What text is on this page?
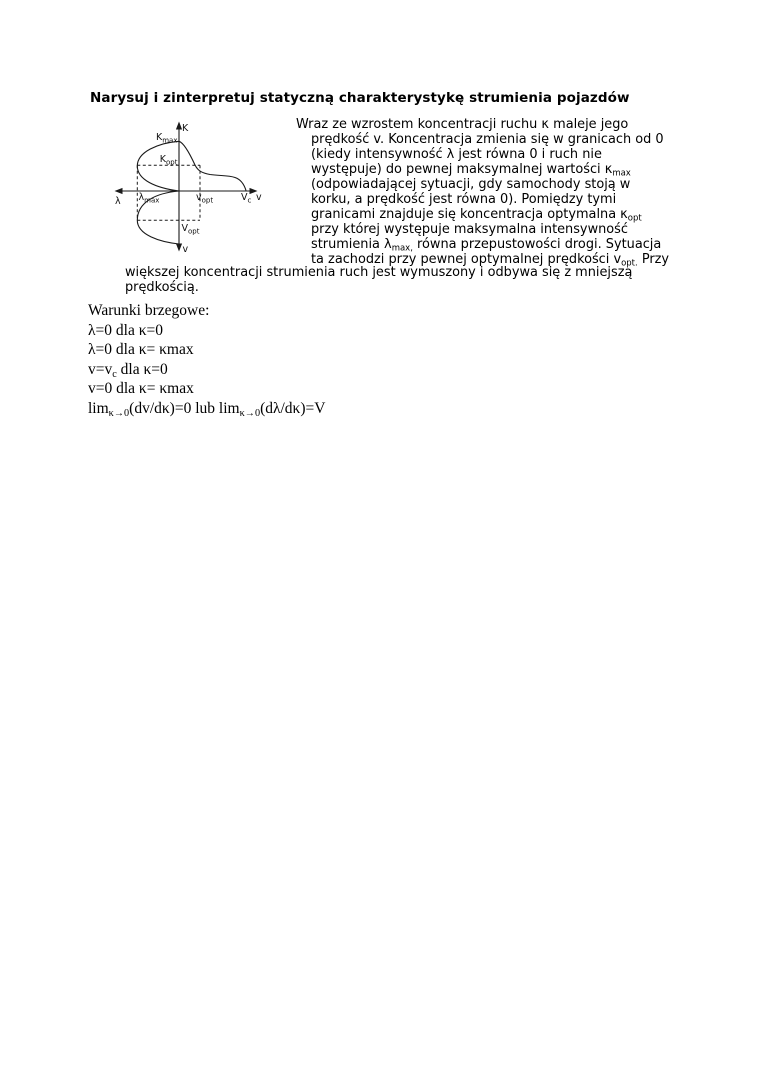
Narysuj i zinterpretuj statyczną charakterystykę strumienia pojazdów
K
$K_{max}$
$K_{opt}$
λ $\lambda_{max}$	$v_{opt}$	$V_c$ v
$V_{opt}$
v
Wraz ze wzrostem koncentracji ruchu κ maleje jego
prędkość v. Koncentracja zmienia się w granicach od 0
(kiedy intensywność λ jest równa 0 i ruch nie
występuje) do pewnej maksymalnej wartości $\kappa_{max}$
(odpowiadającej sytuacji, gdy samochody stoją w
korku, a prędkość jest równa 0). Pomiędzy tymi
granicami znajduje się koncentracja optymalna $\kappa_{opt}$
przy której występuje maksymalna intensywność
strumienia $\lambda_{max,}$ równa przepustowości drogi. Sytuacja
ta zachodzi przy pewnej optymalnej prędkości $v_{opt.}$ Przy
większej koncentracji strumienia ruch jest wymuszony i odbywa się z mniejszą
prędkością.
Warunki brzegowe:
λ=0 dla κ=0
λ=0 dla κ= κmax
$v=v_c$ dla κ=0
v=0 dla κ= κmax
$\lim_{\kappa\to 0}(dv/d\kappa)=0$ lub $\lim_{\kappa\to 0}(d\lambda/d\kappa)=V$
